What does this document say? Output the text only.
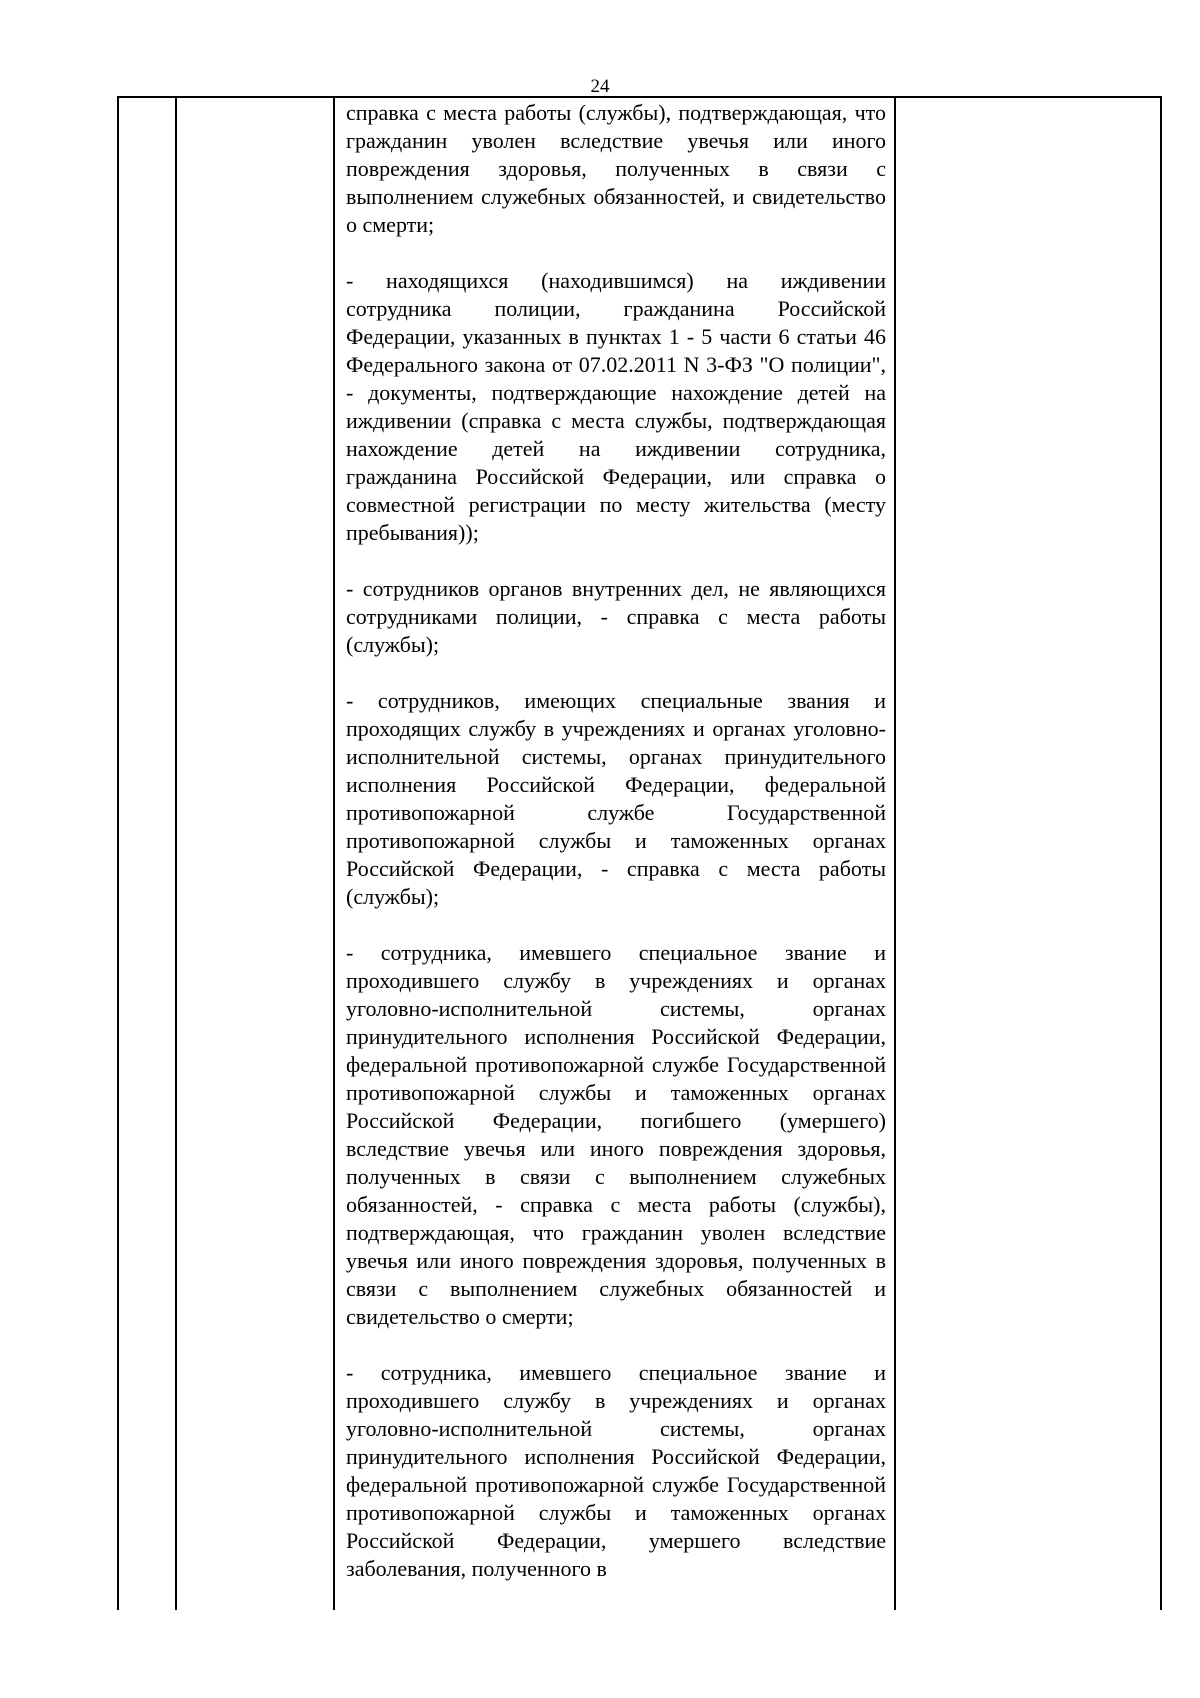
24

справка с места работы (службы), подтверждающая, что гражданин уволен вследствие увечья или иного повреждения здоровья, полученных в связи с выполнением служебных обязанностей, и свидетельство о смерти;

- находящихся (находившимся) на иждивении сотрудника полиции, гражданина Российской Федерации, указанных в пунктах 1 - 5 части 6 статьи 46 Федерального закона от 07.02.2011 N 3-ФЗ "О полиции", - документы, подтверждающие нахождение детей на иждивении (справка с места службы, подтверждающая нахождение детей на иждивении сотрудника, гражданина Российской Федерации, или справка о совместной регистрации по месту жительства (месту пребывания));

- сотрудников органов внутренних дел, не являющихся сотрудниками полиции, - справка с места работы (службы);

- сотрудников, имеющих специальные звания и проходящих службу в учреждениях и органах уголовно-исполнительной системы, органах принудительного исполнения Российской Федерации, федеральной противопожарной службе Государственной противопожарной службы и таможенных органах Российской Федерации, - справка с места работы (службы);

- сотрудника, имевшего специальное звание и проходившего службу в учреждениях и органах уголовно-исполнительной системы, органах принудительного исполнения Российской Федерации, федеральной противопожарной службе Государственной противопожарной службы и таможенных органах Российской Федерации, погибшего (умершего) вследствие увечья или иного повреждения здоровья, полученных в связи с выполнением служебных обязанностей, - справка с места работы (службы), подтверждающая, что гражданин уволен вследствие увечья или иного повреждения здоровья, полученных в связи с выполнением служебных обязанностей и свидетельство о смерти;

- сотрудника, имевшего специальное звание и проходившего службу в учреждениях и органах уголовно-исполнительной системы, органах принудительного исполнения Российской Федерации, федеральной противопожарной службе Государственной противопожарной службы и таможенных органах Российской Федерации, умершего вследствие заболевания, полученного в
